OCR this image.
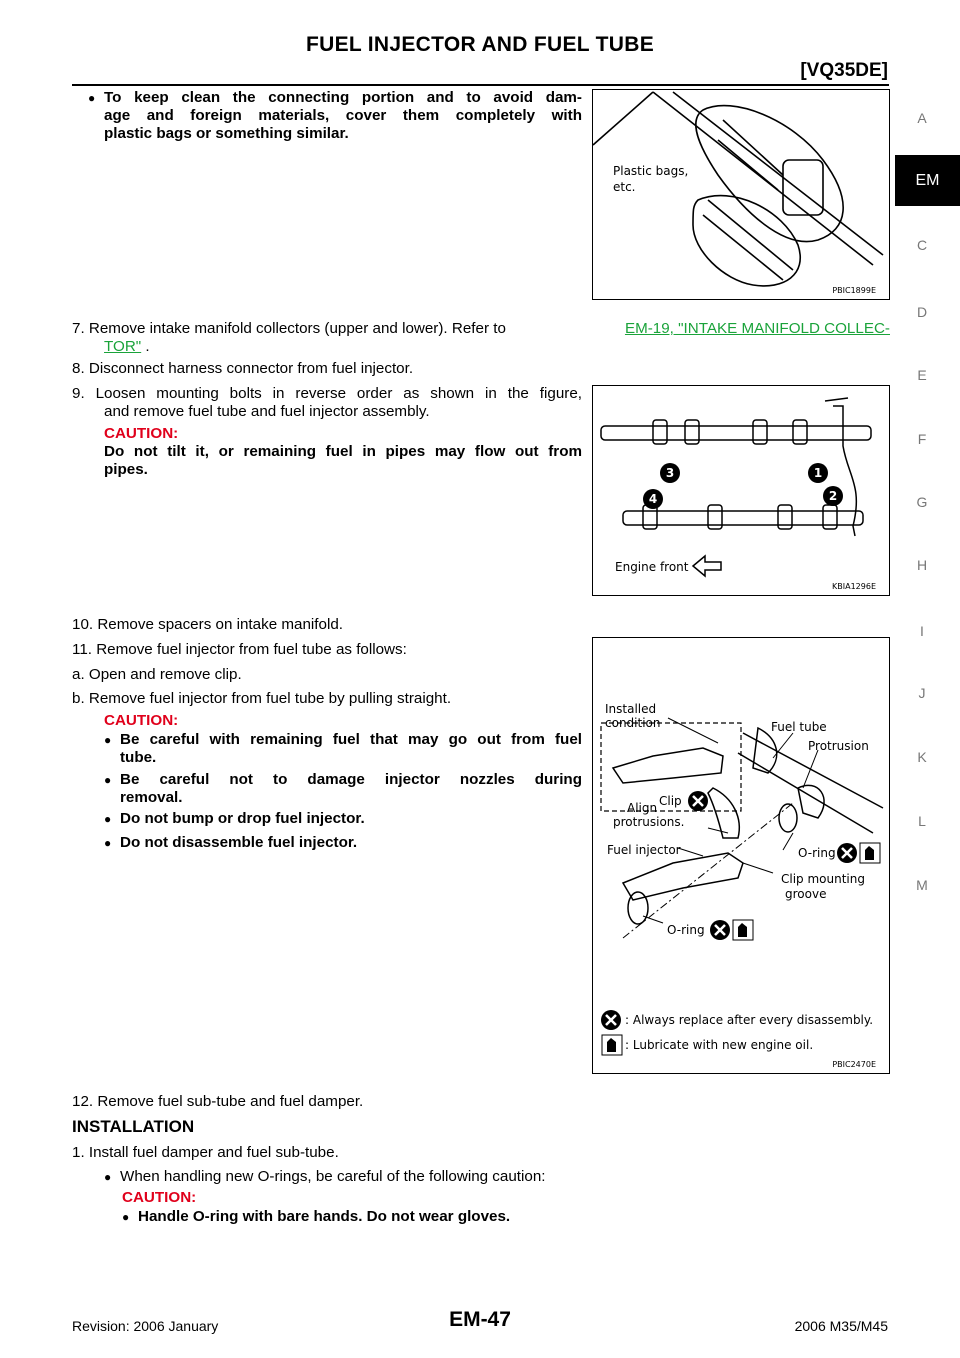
FUEL INJECTOR AND FUEL TUBE
[VQ35DE]
A
EM
C
D
E
F
G
H
I
J
K
L
M
● To keep clean the connecting portion and to avoid dam-
age and foreign materials, cover them completely with
plastic bags or something similar.
Plastic bags,
etc.
PBIC1899E
7. Remove intake manifold collectors (upper and lower). Refer to	EM-19, "INTAKE MANIFOLD COLLEC-
TOR" .
8. Disconnect harness connector from fuel injector.
9. Loosen mounting bolts in reverse order as shown in the figure,
and remove fuel tube and fuel injector assembly.
CAUTION:
Do not tilt it, or remaining fuel in pipes may flow out from
pipes.	1
2
3
4
Engine front
KBIA1296E
10. Remove spacers on intake manifold.
11. Remove fuel injector from fuel tube as follows:
a. Open and remove clip.
b. Remove fuel injector from fuel tube by pulling straight.
CAUTION:
● Be careful with remaining fuel that may go out from fuel
tube.
● Be careful not to damage injector nozzles during
removal.
● Do not bump or drop fuel injector.
● Do not disassemble fuel injector.
Installed
condition	Fuel tube
Protrusion
Clip
Align
protrusions.
Fuel injector	O-ring
Clip mounting
groove
O-ring
: Always replace after every disassembly.
: Lubricate with new engine oil.
PBIC2470E
12. Remove fuel sub-tube and fuel damper.
INSTALLATION
1. Install fuel damper and fuel sub-tube.
● When handling new O-rings, be careful of the following caution:
CAUTION:
● Handle O-ring with bare hands. Do not wear gloves.
EM-47
Revision: 2006 January	2006 M35/M45
